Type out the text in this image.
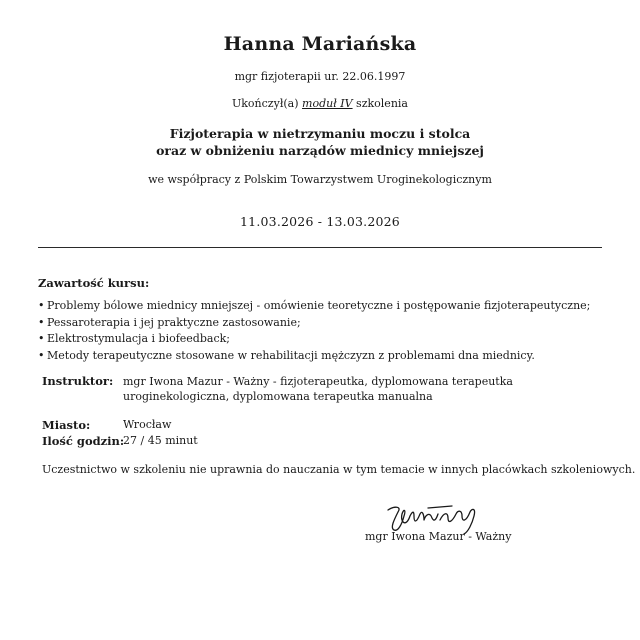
Hanna Mariańska
mgr fizjoterapii ur. 22.06.1997
Ukończył(a) moduł IV szkolenia
Fizjoterapia w nietrzymaniu moczu i stolca
oraz w obniżeniu narządów miednicy mniejszej
we współpracy z Polskim Towarzystwem Uroginekologicznym
11.03.2026 - 13.03.2026
Zawartość kursu:
• Problemy bólowe miednicy mniejszej - omówienie teoretyczne i postępowanie fizjoterapeutyczne;
• Pessaroterapia i jej praktyczne zastosowanie;
• Elektrostymulacja i biofeedback;
• Metody terapeutyczne stosowane w rehabilitacji mężczyzn z problemami dna miednicy.
Instruktor: mgr Iwona Mazur - Ważny - fizjoterapeutka, dyplomowana terapeutka
uroginekologiczna, dyplomowana terapeutka manualna
Miasto:	Wrocław
Ilość godzin:
27 / 45 minut
Uczestnictwo w szkoleniu nie uprawnia do nauczania w tym temacie w innych placówkach szkoleniowych.
mgr Iwona Mazur - Ważny
